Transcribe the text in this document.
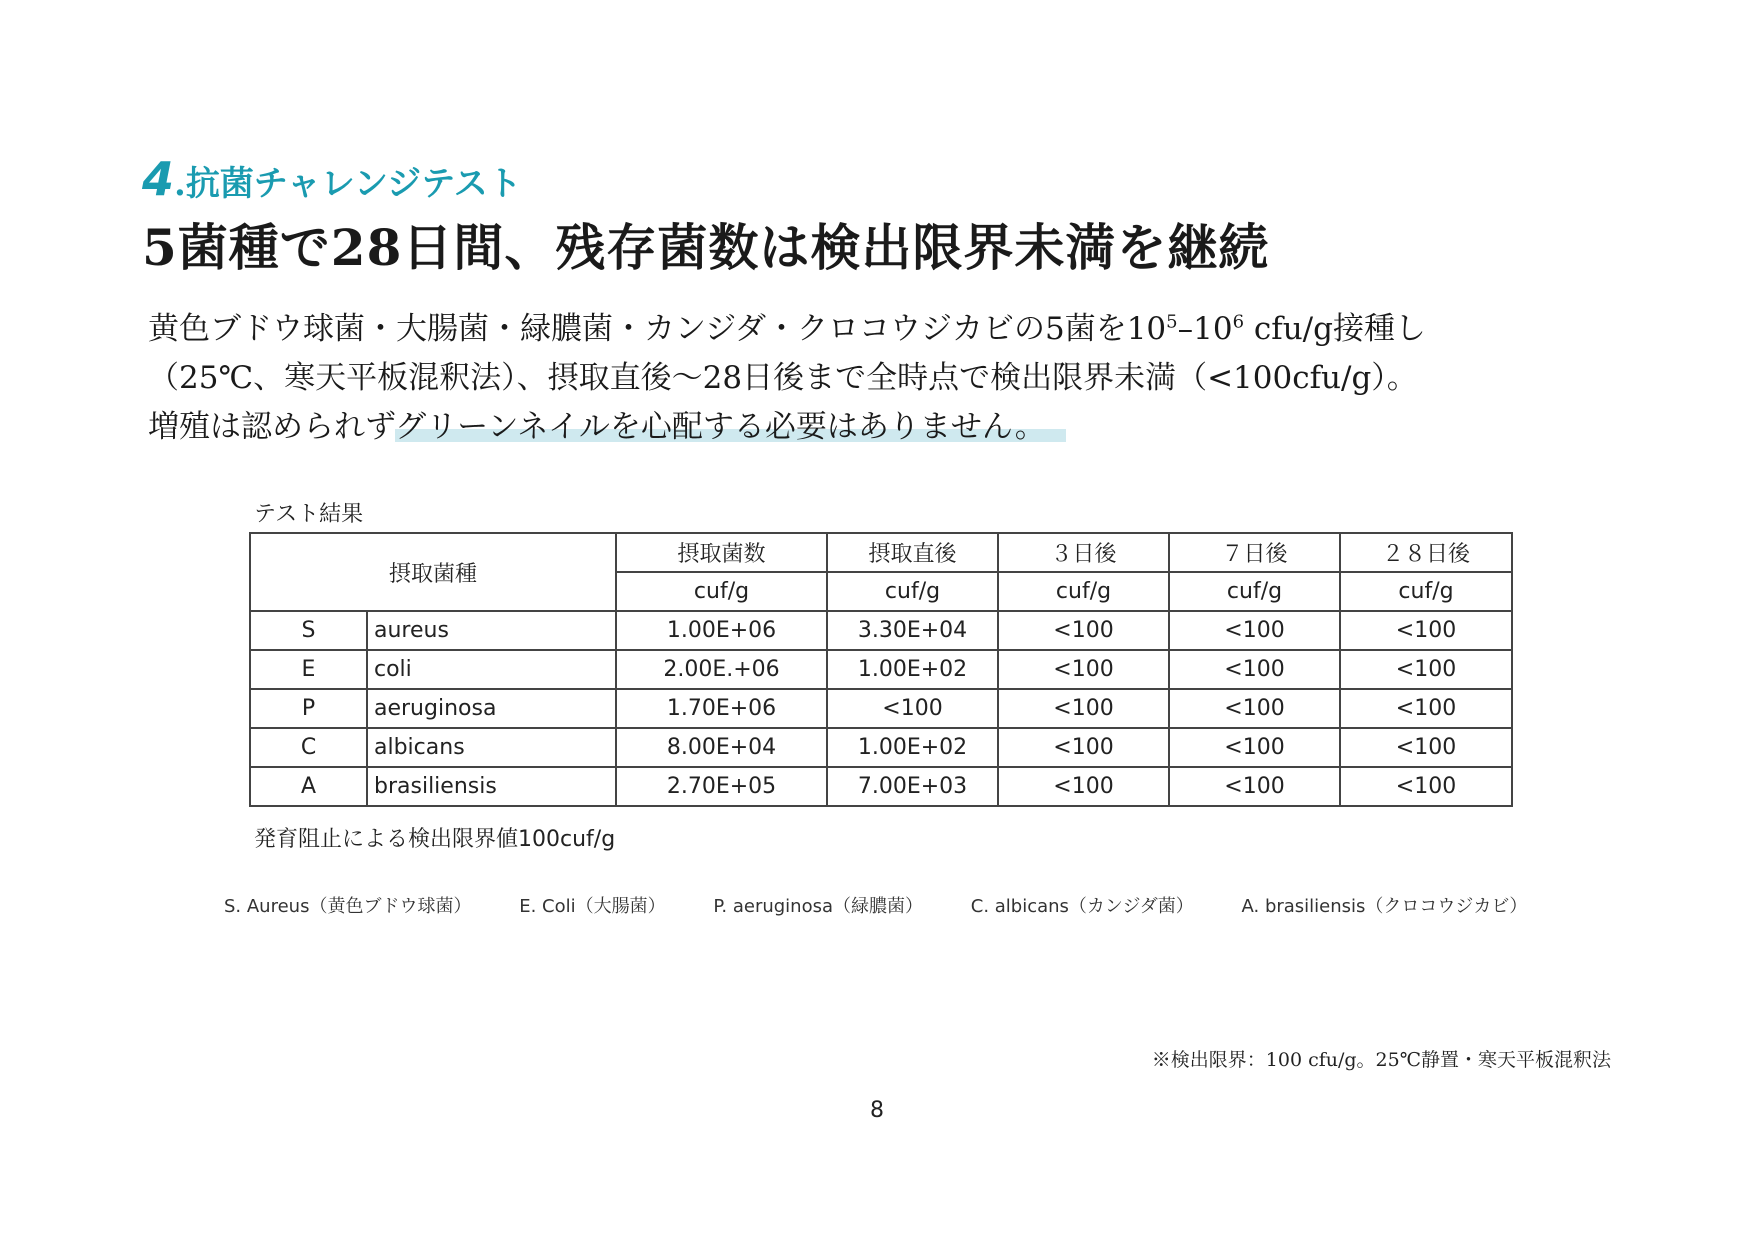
4.抗菌チャレンジテスト
5菌種で28日間、残存菌数は検出限界未満を継続
黄色ブドウ球菌・大腸菌・緑膿菌・カンジダ・クロコウジカビの5菌を$10^5-10^6$ cfu/g接種し
（25℃、寒天平板混釈法）、摂取直後〜28日後まで全時点で検出限界未満（<100cfu/g）。
増殖は認められずグリーンネイルを心配する必要はありません。
テスト結果
摂取菌種		摂取菌数	摂取直後	３日後	７日後	２８日後
		cuf/g	cuf/g	cuf/g	cuf/g	cuf/g
S	aureus	1.00E+06	3.30E+04	<100	<100	<100
E	coli	2.00E.+06	1.00E+02	<100	<100	<100
P	aeruginosa	1.70E+06	<100	<100	<100	<100
C	albicans	8.00E+04	1.00E+02	<100	<100	<100
A	brasiliensis	2.70E+05	7.00E+03	<100	<100	<100
発育阻止による検出限界値100cuf/g
S. Aureus（黄色ブドウ球菌）	E. Coli（大腸菌）	P. aeruginosa（緑膿菌）	C. albicans（カンジダ菌）	A. brasiliensis（クロコウジカビ）
※検出限界：100 cfu/g。25℃静置・寒天平板混釈法
8
